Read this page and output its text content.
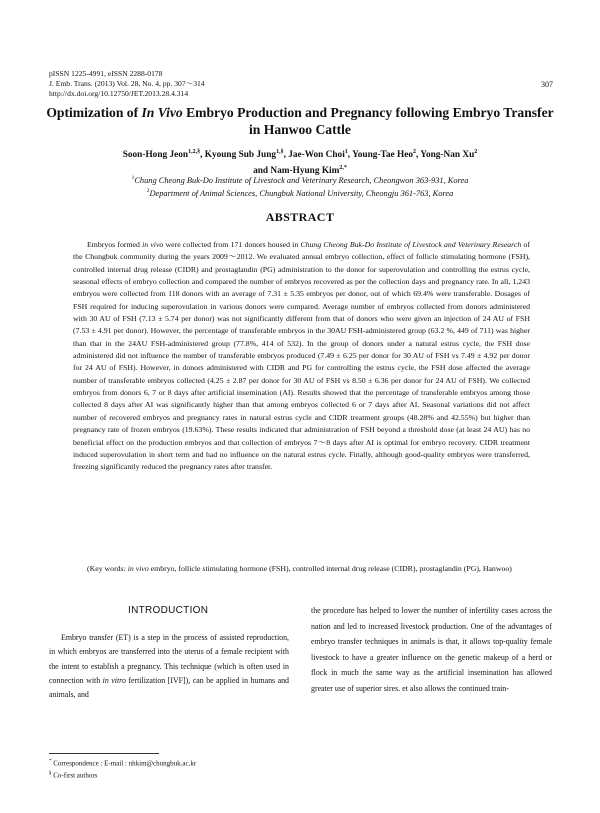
pISSN 1225-4991, eISSN 2288-0178
J. Emb. Trans. (2013) Vol. 28, No. 4, pp. 307～314
http://dx.doi.org/10.12750/JET.2013.28.4.314
307
Optimization of In Vivo Embryo Production and Pregnancy following Embryo Transfer in Hanwoo Cattle
Soon-Hong Jeon$^{1,2,\S}$, Kyoung Sub Jung$^{1,\S}$, Jae-Won Choi$^1$, Young-Tae Heo$^2$, Yong-Nan Xu$^2$
and Nam-Hyung Kim$^{2,*}$
$^1$Chung Cheong Buk-Do Institute of Livestock and Veterinary Research, Cheongwon 363-931, Korea
$^2$Department of Animal Sciences, Chungbuk National University, Cheongju 361-763, Korea
ABSTRACT

Embryos formed in vivo were collected from 171 donors housed in Chung Cheong Buk-Do Institute of Livestock and Veterinary Research of the Chungbuk community during the years 2009～2012. We evaluated annual embryo collection, effect of follicle stimulating hormone (FSH), controlled internal drug release (CIDR) and prostaglandin (PG) administration to the donor for superovulation and controlling the estrus cycle, seasonal effects of embryo collection and compared the number of embryos recovered as per the collection days and pregnancy rate. In all, 1,243 embryos were collected from 118 donors with an average of 7.31 ± 5.35 embryos per donor, out of which 69.4% were transferable. Dosages of FSH required for inducing superovulation in various donors were compared. Average number of embryos collected from donors administered with 30 AU of FSH (7.13 ± 5.74 per donor) was not significantly different from that of donors who were given an injection of 24 AU of FSH (7.53 ± 4.91 per donor). However, the percentage of transferable embryos in the 30AU FSH-administered group (63.2 %, 449 of 711) was higher than that in the 24AU FSH-administered group (77.8%, 414 of 532). In the group of donors under a natural estrus cycle, the FSH dose administered did not influence the number of transferable embryos produced (7.49 ± 6.25 per donor for 30 AU of FSH vs 7.49 ± 4.92 per donor for 24 AU of FSH). However, in donors administered with CIDR and PG for controlling the estrus cycle, the FSH dose affected the average number of transferable embryos collected (4.25 ± 2.87 per donor for 30 AU of FSH vs 8.50 ± 6.36 per donor for 24 AU of FSH). We collected embryos from donors 6, 7 or 8 days after artificial insemination (AI). Results showed that the percentage of transferable embryos among those collected 8 days after AI was significantly higher than that among embryos collected 6 or 7 days after AI. Seasonal variations did not affect number of recovered embryos and pregnancy rates in natural estrus cycle and CIDR treatment groups (48.28% and 42.55%) but higher than pregnancy rate of frozen embryos (19.63%). These results indicated that administration of FSH beyond a threshold dose (at least 24 AU) has no beneficial effect on the production embryos and that collection of embryos 7～8 days after AI is optimal for embryo recovery. CIDR treatment induced superovulation in short term and had no influence on the natural estrus cycle. Finally, although good-quality embryos were transferred, freezing significantly reduced the pregnancy rates after transfer.

(Key words: in vivo embryo, follicle stimulating hormone (FSH), controlled internal drug release (CIDR), prostaglandin (PG), Hanwoo)
INTRODUCTION

Embryo transfer (ET) is a step in the process of assisted reproduction, in which embryos are transferred into the uterus of a female recipient with the intent to establish a pregnancy. This technique (which is often used in connection with in vitro fertilization [IVF]), can be applied in humans and animals, and

the procedure has helped to lower the number of infertility cases across the nation and led to increased livestock production. One of the advantages of embryo transfer techniques in animals is that, it allows top-quality female livestock to have a greater influence on the genetic makeup of a herd or flock in much the same way as the artificial insemination has allowed greater use of superior sires. et also allows the continued train-

* Correspondence : E-mail : nhkim@chungbuk.ac.kr
§ Co-first authors
